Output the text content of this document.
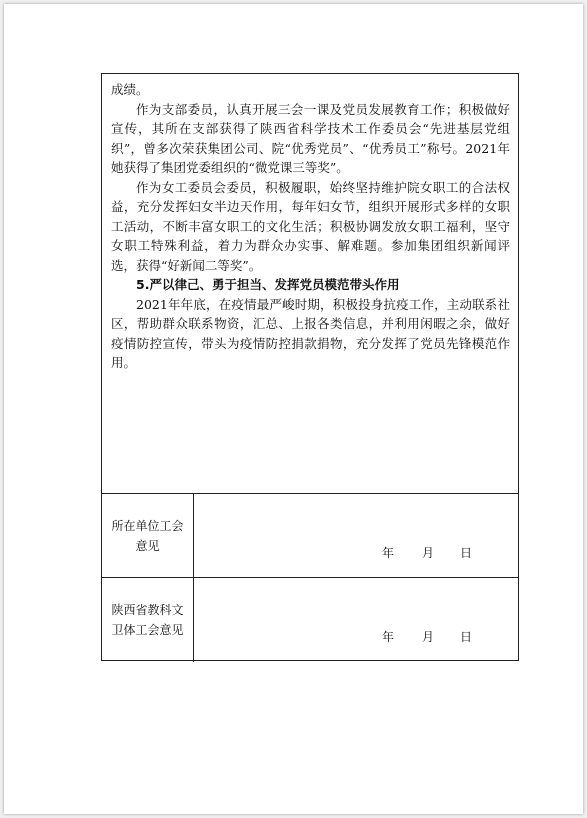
成绩。

作为支部委员，认真开展三会一课及党员发展教育工作；积极做好宣传，其所在支部获得了陕西省科学技术工作委员会“先进基层党组织”，曾多次荣获集团公司、院“优秀党员”、“优秀员工”称号。2021年她获得了集团党委组织的“微党课三等奖”。

作为女工委员会委员，积极履职，始终坚持维护院女职工的合法权益，充分发挥妇女半边天作用，每年妇女节，组织开展形式多样的女职工活动，不断丰富女职工的文化生活；积极协调发放女职工福利，坚守女职工特殊利益，着力为群众办实事、解难题。参加集团组织新闻评选，获得“好新闻二等奖”。

5.严以律己、勇于担当、发挥党员模范带头作用

2021年年底，在疫情最严峻时期，积极投身抗疫工作，主动联系社区，帮助群众联系物资，汇总、上报各类信息，并利用闲暇之余，做好疫情防控宣传，带头为疫情防控捐款捐物，充分发挥了党员先锋模范作用。

所在单位工会意见
年 月 日
陕西省教科文卫体工会意见	年 月 日
